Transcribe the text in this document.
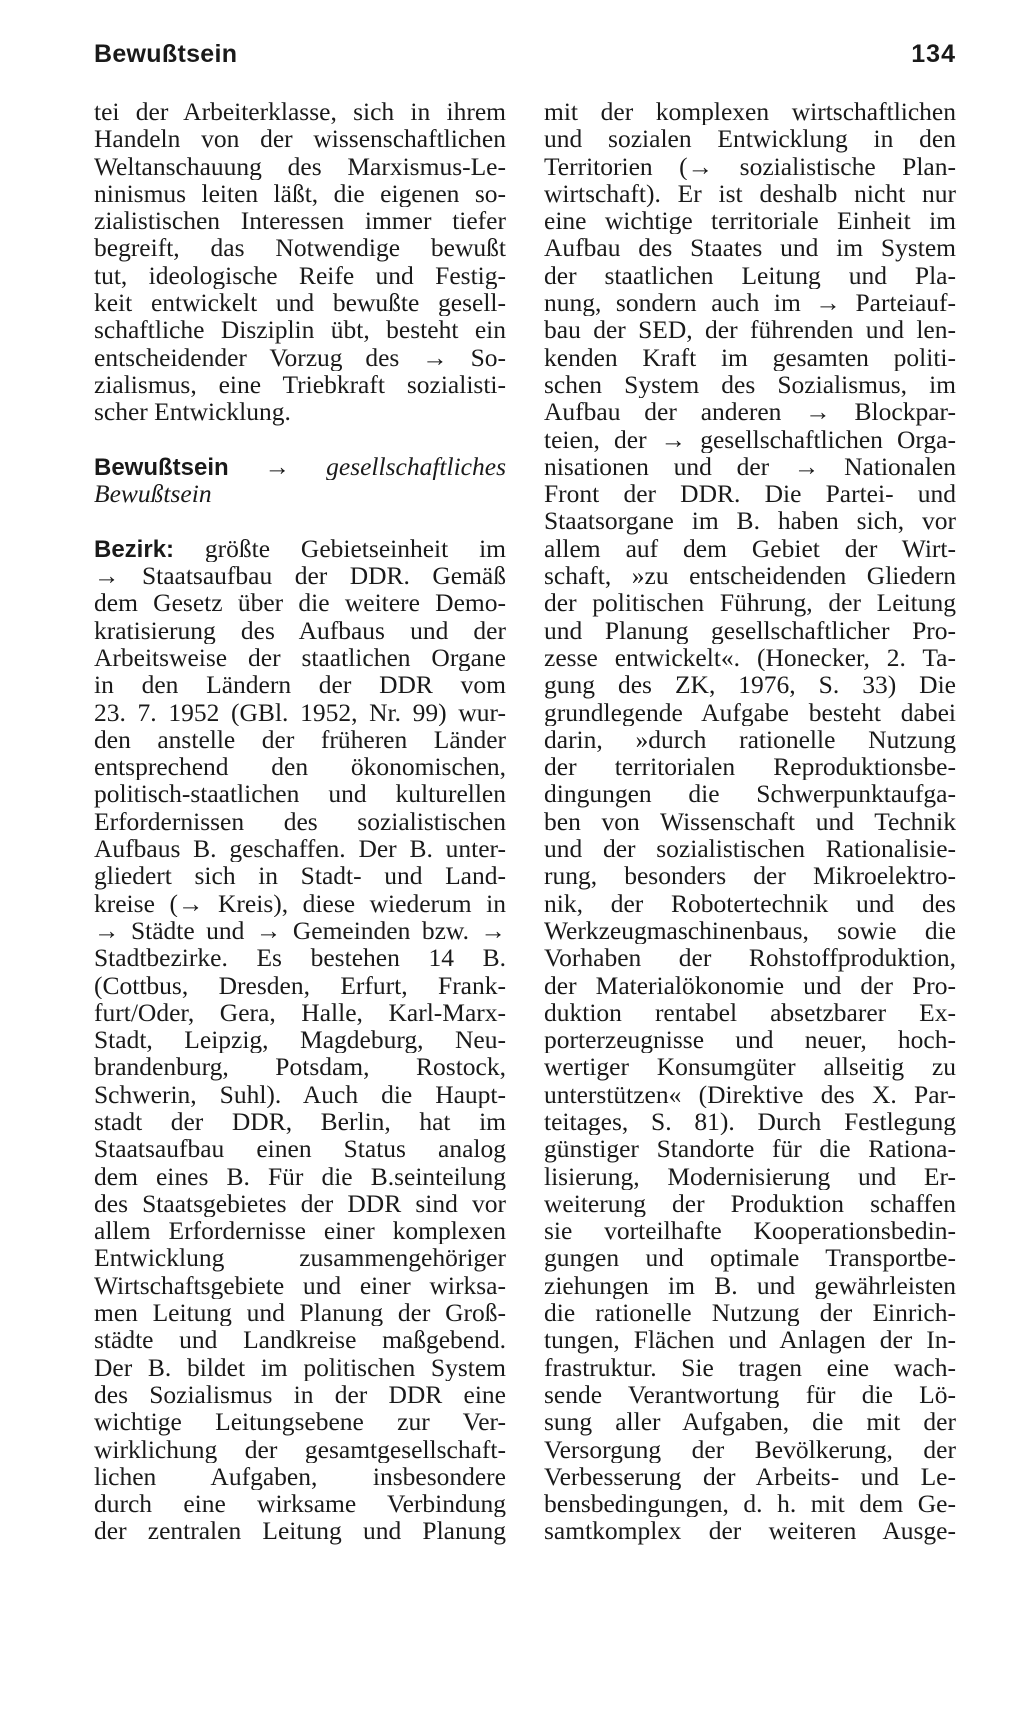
Bewußtsein	134
tei der Arbeiterklasse, sich in ihrem
Handeln von der wissenschaftlichen
Weltanschauung des Marxismus-Le-
ninismus leiten läßt, die eigenen so-
zialistischen Interessen immer tiefer
begreift, das Notwendige bewußt
tut, ideologische Reife und Festig-
keit entwickelt und bewußte gesell-
schaftliche Disziplin übt, besteht ein
entscheidender Vorzug des → So-
zialismus, eine Triebkraft sozialisti-
scher Entwicklung.
Bewußtsein → gesellschaftliches
Bewußtsein
Bezirk: größte Gebietseinheit im
→ Staatsaufbau der DDR. Gemäß
dem Gesetz über die weitere Demo-
kratisierung des Aufbaus und der
Arbeitsweise der staatlichen Organe
in den Ländern der DDR vom
23. 7. 1952 (GBl. 1952, Nr. 99) wur-
den anstelle der früheren Länder
entsprechend den ökonomischen,
politisch-staatlichen und kulturellen
Erfordernissen des sozialistischen
Aufbaus B. geschaffen. Der B. unter-
gliedert sich in Stadt- und Land-
kreise (→ Kreis), diese wiederum in
→ Städte und → Gemeinden bzw. →
Stadtbezirke. Es bestehen 14 B.
(Cottbus, Dresden, Erfurt, Frank-
furt/Oder, Gera, Halle, Karl-Marx-
Stadt, Leipzig, Magdeburg, Neu-
brandenburg, Potsdam, Rostock,
Schwerin, Suhl). Auch die Haupt-
stadt der DDR, Berlin, hat im
Staatsaufbau einen Status analog
dem eines B. Für die B.seinteilung
des Staatsgebietes der DDR sind vor
allem Erfordernisse einer komplexen
Entwicklung zusammengehöriger
Wirtschaftsgebiete und einer wirksa-
men Leitung und Planung der Groß-
städte und Landkreise maßgebend.
Der B. bildet im politischen System
des Sozialismus in der DDR eine
wichtige Leitungsebene zur Ver-
wirklichung der gesamtgesellschaft-
lichen Aufgaben, insbesondere
durch eine wirksame Verbindung
der zentralen Leitung und Planung
mit der komplexen wirtschaftlichen
und sozialen Entwicklung in den
Territorien (→ sozialistische Plan-
wirtschaft). Er ist deshalb nicht nur
eine wichtige territoriale Einheit im
Aufbau des Staates und im System
der staatlichen Leitung und Pla-
nung, sondern auch im → Parteiauf-
bau der SED, der führenden und len-
kenden Kraft im gesamten politi-
schen System des Sozialismus, im
Aufbau der anderen → Blockpar-
teien, der → gesellschaftlichen Orga-
nisationen und der → Nationalen
Front der DDR. Die Partei- und
Staatsorgane im B. haben sich, vor
allem auf dem Gebiet der Wirt-
schaft, »zu entscheidenden Gliedern
der politischen Führung, der Leitung
und Planung gesellschaftlicher Pro-
zesse entwickelt«. (Honecker, 2. Ta-
gung des ZK, 1976, S. 33) Die
grundlegende Aufgabe besteht dabei
darin, »durch rationelle Nutzung
der territorialen Reproduktionsbe-
dingungen die Schwerpunktaufga-
ben von Wissenschaft und Technik
und der sozialistischen Rationalisie-
rung, besonders der Mikroelektro-
nik, der Robotertechnik und des
Werkzeugmaschinenbaus, sowie die
Vorhaben der Rohstoffproduktion,
der Materialökonomie und der Pro-
duktion rentabel absetzbarer Ex-
porterzeugnisse und neuer, hoch-
wertiger Konsumgüter allseitig zu
unterstützen« (Direktive des X. Par-
teitages, S. 81). Durch Festlegung
günstiger Standorte für die Rationa-
lisierung, Modernisierung und Er-
weiterung der Produktion schaffen
sie vorteilhafte Kooperationsbedin-
gungen und optimale Transportbe-
ziehungen im B. und gewährleisten
die rationelle Nutzung der Einrich-
tungen, Flächen und Anlagen der In-
frastruktur. Sie tragen eine wach-
sende Verantwortung für die Lö-
sung aller Aufgaben, die mit der
Versorgung der Bevölkerung, der
Verbesserung der Arbeits- und Le-
bensbedingungen, d. h. mit dem Ge-
samtkomplex der weiteren Ausge-
